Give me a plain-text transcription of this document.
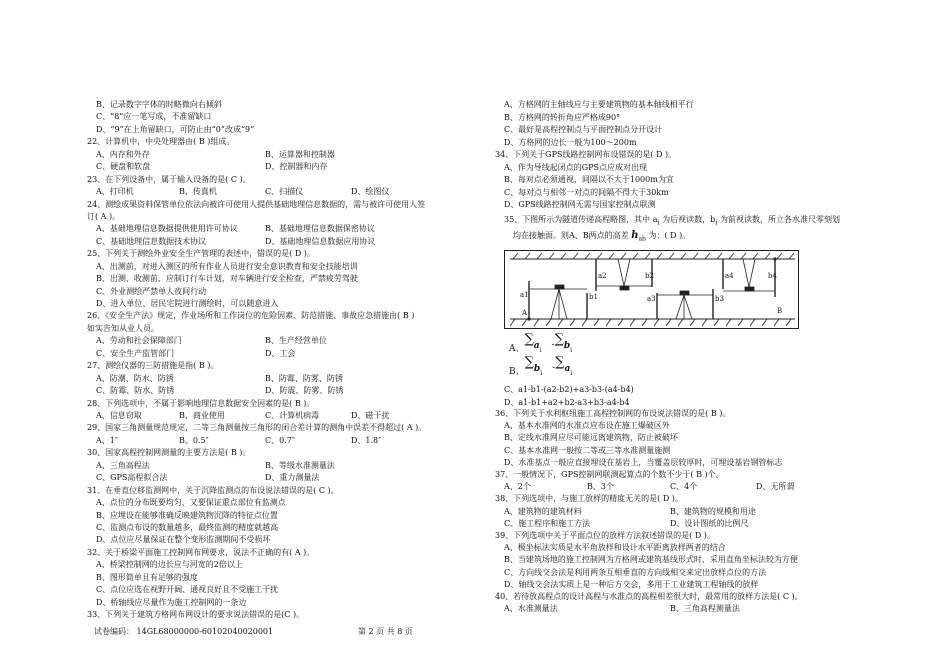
B、记录数字字体的时略微向右倾斜
C、“8”应一笔写成，不准留缺口
D、“9”在上角留缺口，可防止由“0”改成“9”
22、计算机中，中央处理器由( B )组成。
A、内存和外存	B、运算器和控制器
C、硬盘和软盘	D、控制器和内存
23、在下列设备中，属于输入设备的是( C )。
A、打印机	B、传真机	C、扫描仪	D、绘图仪
24、测绘成果资料保管单位依法向被许可使用人提供基础地理信息数据的，需与被许可使用人签
订( A )。
A、基础地理信息数据提供使用许可协议	B、基础地理信息数据保密协议
C、基础地理信息数据技术协议	D、基础地理信息数据应用协议
25、下列关于测绘外业安全生产管理的表述中，错误的是( D )。
A、出测前，对进入测区的所有作业人员进行安全意识教育和安全技能培训
B、出测、收测前，应制订行车计划，对车辆进行安全检查，严禁疲劳驾驶
C、外业测绘严禁单人夜间行动
D、进入单位、居民宅院进行测绘时，可以随意进入
26、《安全生产法》规定，作业场所和工作岗位的危险因素、防范措施、事故应急措施由( B )
如实告知从业人员。
A、劳动和社会保障部门	B、生产经营单位
C、安全生产监管部门	D、工会
27、测绘仪器的三防措施是指( B )。
A、防潮、防水、防锈	B、防霉、防雾、防锈
C、防霉、防水、防锈	D、防震、防雾、防锈
28、下列选项中，不属于影响地理信息数据安全因素的是( B )。
A、信息窃取	B、商业使用	C、计算机病毒	D、磁干扰
29、国家三角测量规范规定，二等三角测量按三角形的闭合差计算的测角中误差不得超过( A )。
A、1″	B、0.5″	C、0.7″	D、1.8″
30、国家高程控制网测量的主要方法是( B )。
A、三角高程法	B、等级水准测量法
C、GPS高程拟合法	D、重力测量法
31、在垂直位移监测网中，关于沉降监测点的布设说法错误的是( C )。
A、点位的分布既要均匀，又要保证重点部位有监测点
B、应埋设在能够准确反映建筑物沉降的特征点位置
C、监测点布设的数量越多，最终监测的精度就越高
D、点位应尽量保证在整个变形监测期间不受损坏
32、关于桥梁平面施工控制网布网要求，说法不正确的有( A )。
A、桥梁控制网的边长应与河宽的2倍以上
B、图形简单且有足够的强度
C、点位应选在视野开阔、通视良好且不受施工干扰
D、桥轴线应尽量作为施工控制网的一条边
33、下列关于建筑方格网布网设计的要求说法错误的是(C )。
A、方格网的主轴线应与主要建筑物的基本轴线相平行
B、方格网的转折角应严格成90°
C、最好是高程控制点与平面控制点分开设计
D、方格网的边长一般为100～200m
34、下列关于GPS线路控制网布设错误的是( D )。
A、作为导线起闭点的GPS点应成对出现
B、每对点必须通视，间隔以不大于1000m为宜
C、每对点与相邻一对点的间隔不得大于30km
D、GPS线路控制网无需与国家控制点联测
35、下图所示为隧道传递高程略图，其中 $a_i$ 为后视读数，$b_i$ 为前视读数，所立各水准尺零刻划
均在接触面。则A、B两点的高差 $h_{ab}$ 为：( D )。
a1	b1
a2	b2
a3	b3
a4	b4
A	B
A、$\sum a_i-\sum b_i$
B、$\sum b_i-\sum a_i$
C、a1-b1-(a2-b2)+a3-b3-(a4-b4)
D、a1-b1+a2+b2-a3+b3-a4-b4
36、下列关于水利枢纽施工高程控制网的布设说法错误的是( B )。
A、基本水准网的水准点应布设在施工爆破区外
B、定线水准网应尽可能远离建筑物，防止被破坏
C、基本水准网一般按二等或三等水准测量施测
D、水准基点一般应直接埋设在基岩上，当覆盖层较厚时，可埋设基岩钢管标志
37、一般情况下，GPS控制网联测起算点的个数不少于( B )个。
A、2个	B、3个	C、4个	D、无所谓
38、下列选项中，与施工放样的精度无关的是( D )。
A、建筑物的建筑材料	B、建筑物的规模和用途
C、施工程序和施工方法	D、设计图纸的比例尺
39、下列选项中关于平面点位的放样方法叙述错误的是( D )。
A、极坐标法实质是水平角放样和设计水平距离放样两者的结合
B、当建筑场地的施工控制网为方格网或建筑基线形式时，采用直角坐标法较为方便
C、方向线交会法是利用两条互相垂直的方向线相交来定出放样点位的方法
D、轴线交会法实质上是一种后方交会，多用于工业建筑工程轴线的放样
40、若待放高程点的设计高程与水准点的高程相差很大时，最常用的放样方法是( C )。
A、水准测量法	B、三角高程测量法
试卷编码： 14GL68000000-60102040020001	第 2 页 共 8 页
